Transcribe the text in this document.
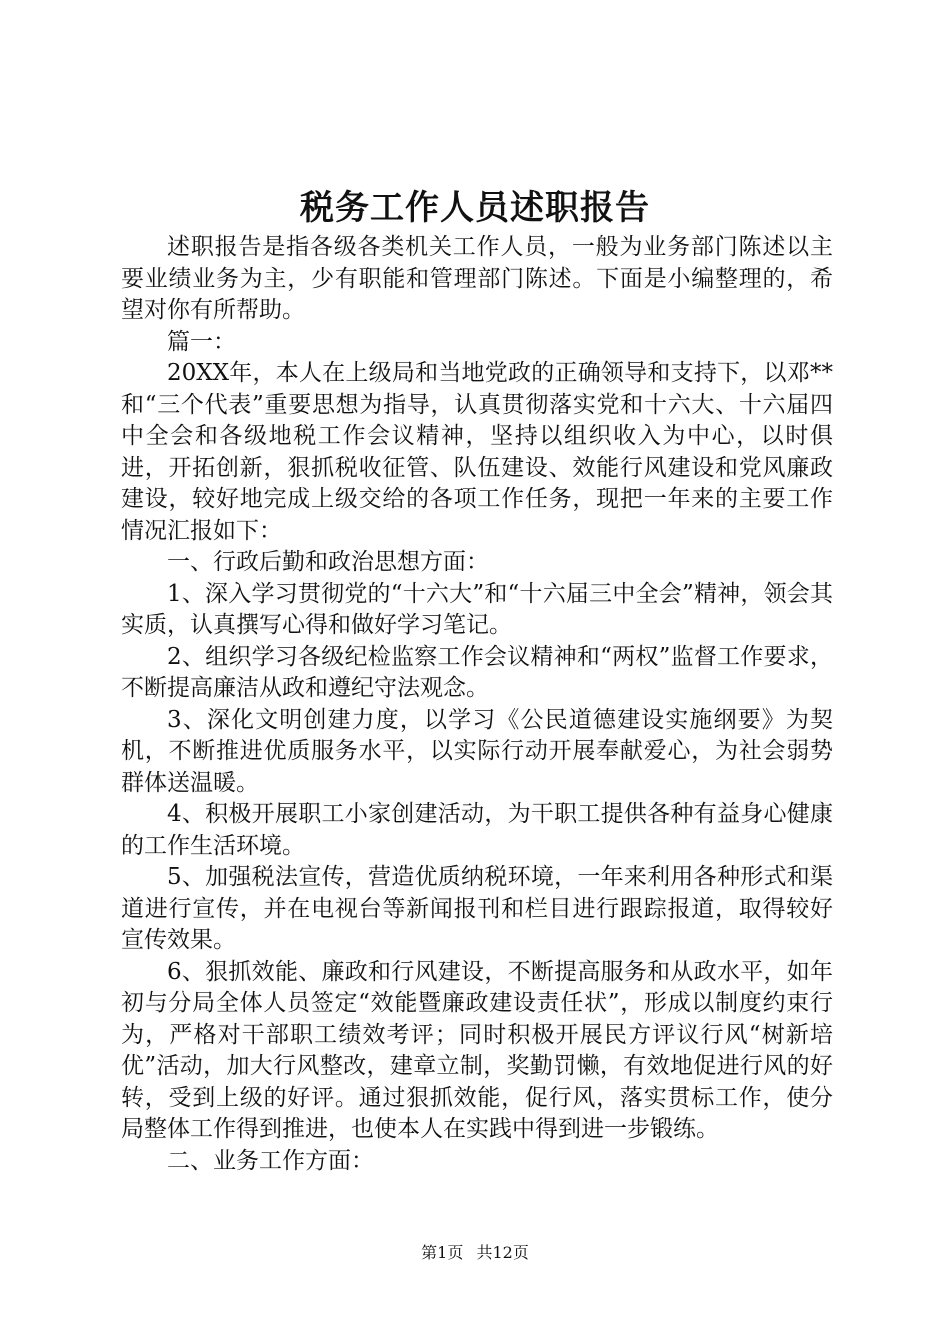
税务工作人员述职报告

述职报告是指各级各类机关工作人员，一般为业务部门陈述以主要业绩业务为主，少有职能和管理部门陈述。下面是小编整理的，希望对你有所帮助。

篇一：

20XX年，本人在上级局和当地党政的正确领导和支持下，以邓**和“三个代表”重要思想为指导，认真贯彻落实党和十六大、十六届四中全会和各级地税工作会议精神，坚持以组织收入为中心，以时俱进，开拓创新，狠抓税收征管、队伍建设、效能行风建设和党风廉政建设，较好地完成上级交给的各项工作任务，现把一年来的主要工作情况汇报如下：

一、行政后勤和政治思想方面：

1、深入学习贯彻党的“十六大”和“十六届三中全会”精神，领会其实质，认真撰写心得和做好学习笔记。

2、组织学习各级纪检监察工作会议精神和“两权”监督工作要求，不断提高廉洁从政和遵纪守法观念。

3、深化文明创建力度，以学习《公民道德建设实施纲要》为契机，不断推进优质服务水平，以实际行动开展奉献爱心，为社会弱势群体送温暖。

4、积极开展职工小家创建活动，为干职工提供各种有益身心健康的工作生活环境。

5、加强税法宣传，营造优质纳税环境，一年来利用各种形式和渠道进行宣传，并在电视台等新闻报刊和栏目进行跟踪报道，取得较好宣传效果。

6、狠抓效能、廉政和行风建设，不断提高服务和从政水平，如年初与分局全体人员签定“效能暨廉政建设责任状”，形成以制度约束行为，严格对干部职工绩效考评；同时积极开展民方评议行风“树新培优”活动，加大行风整改，建章立制，奖勤罚懒，有效地促进行风的好转，受到上级的好评。通过狠抓效能，促行风，落实贯标工作，使分局整体工作得到推进，也使本人在实践中得到进一步锻练。

二、业务工作方面：

第1页 共12页
